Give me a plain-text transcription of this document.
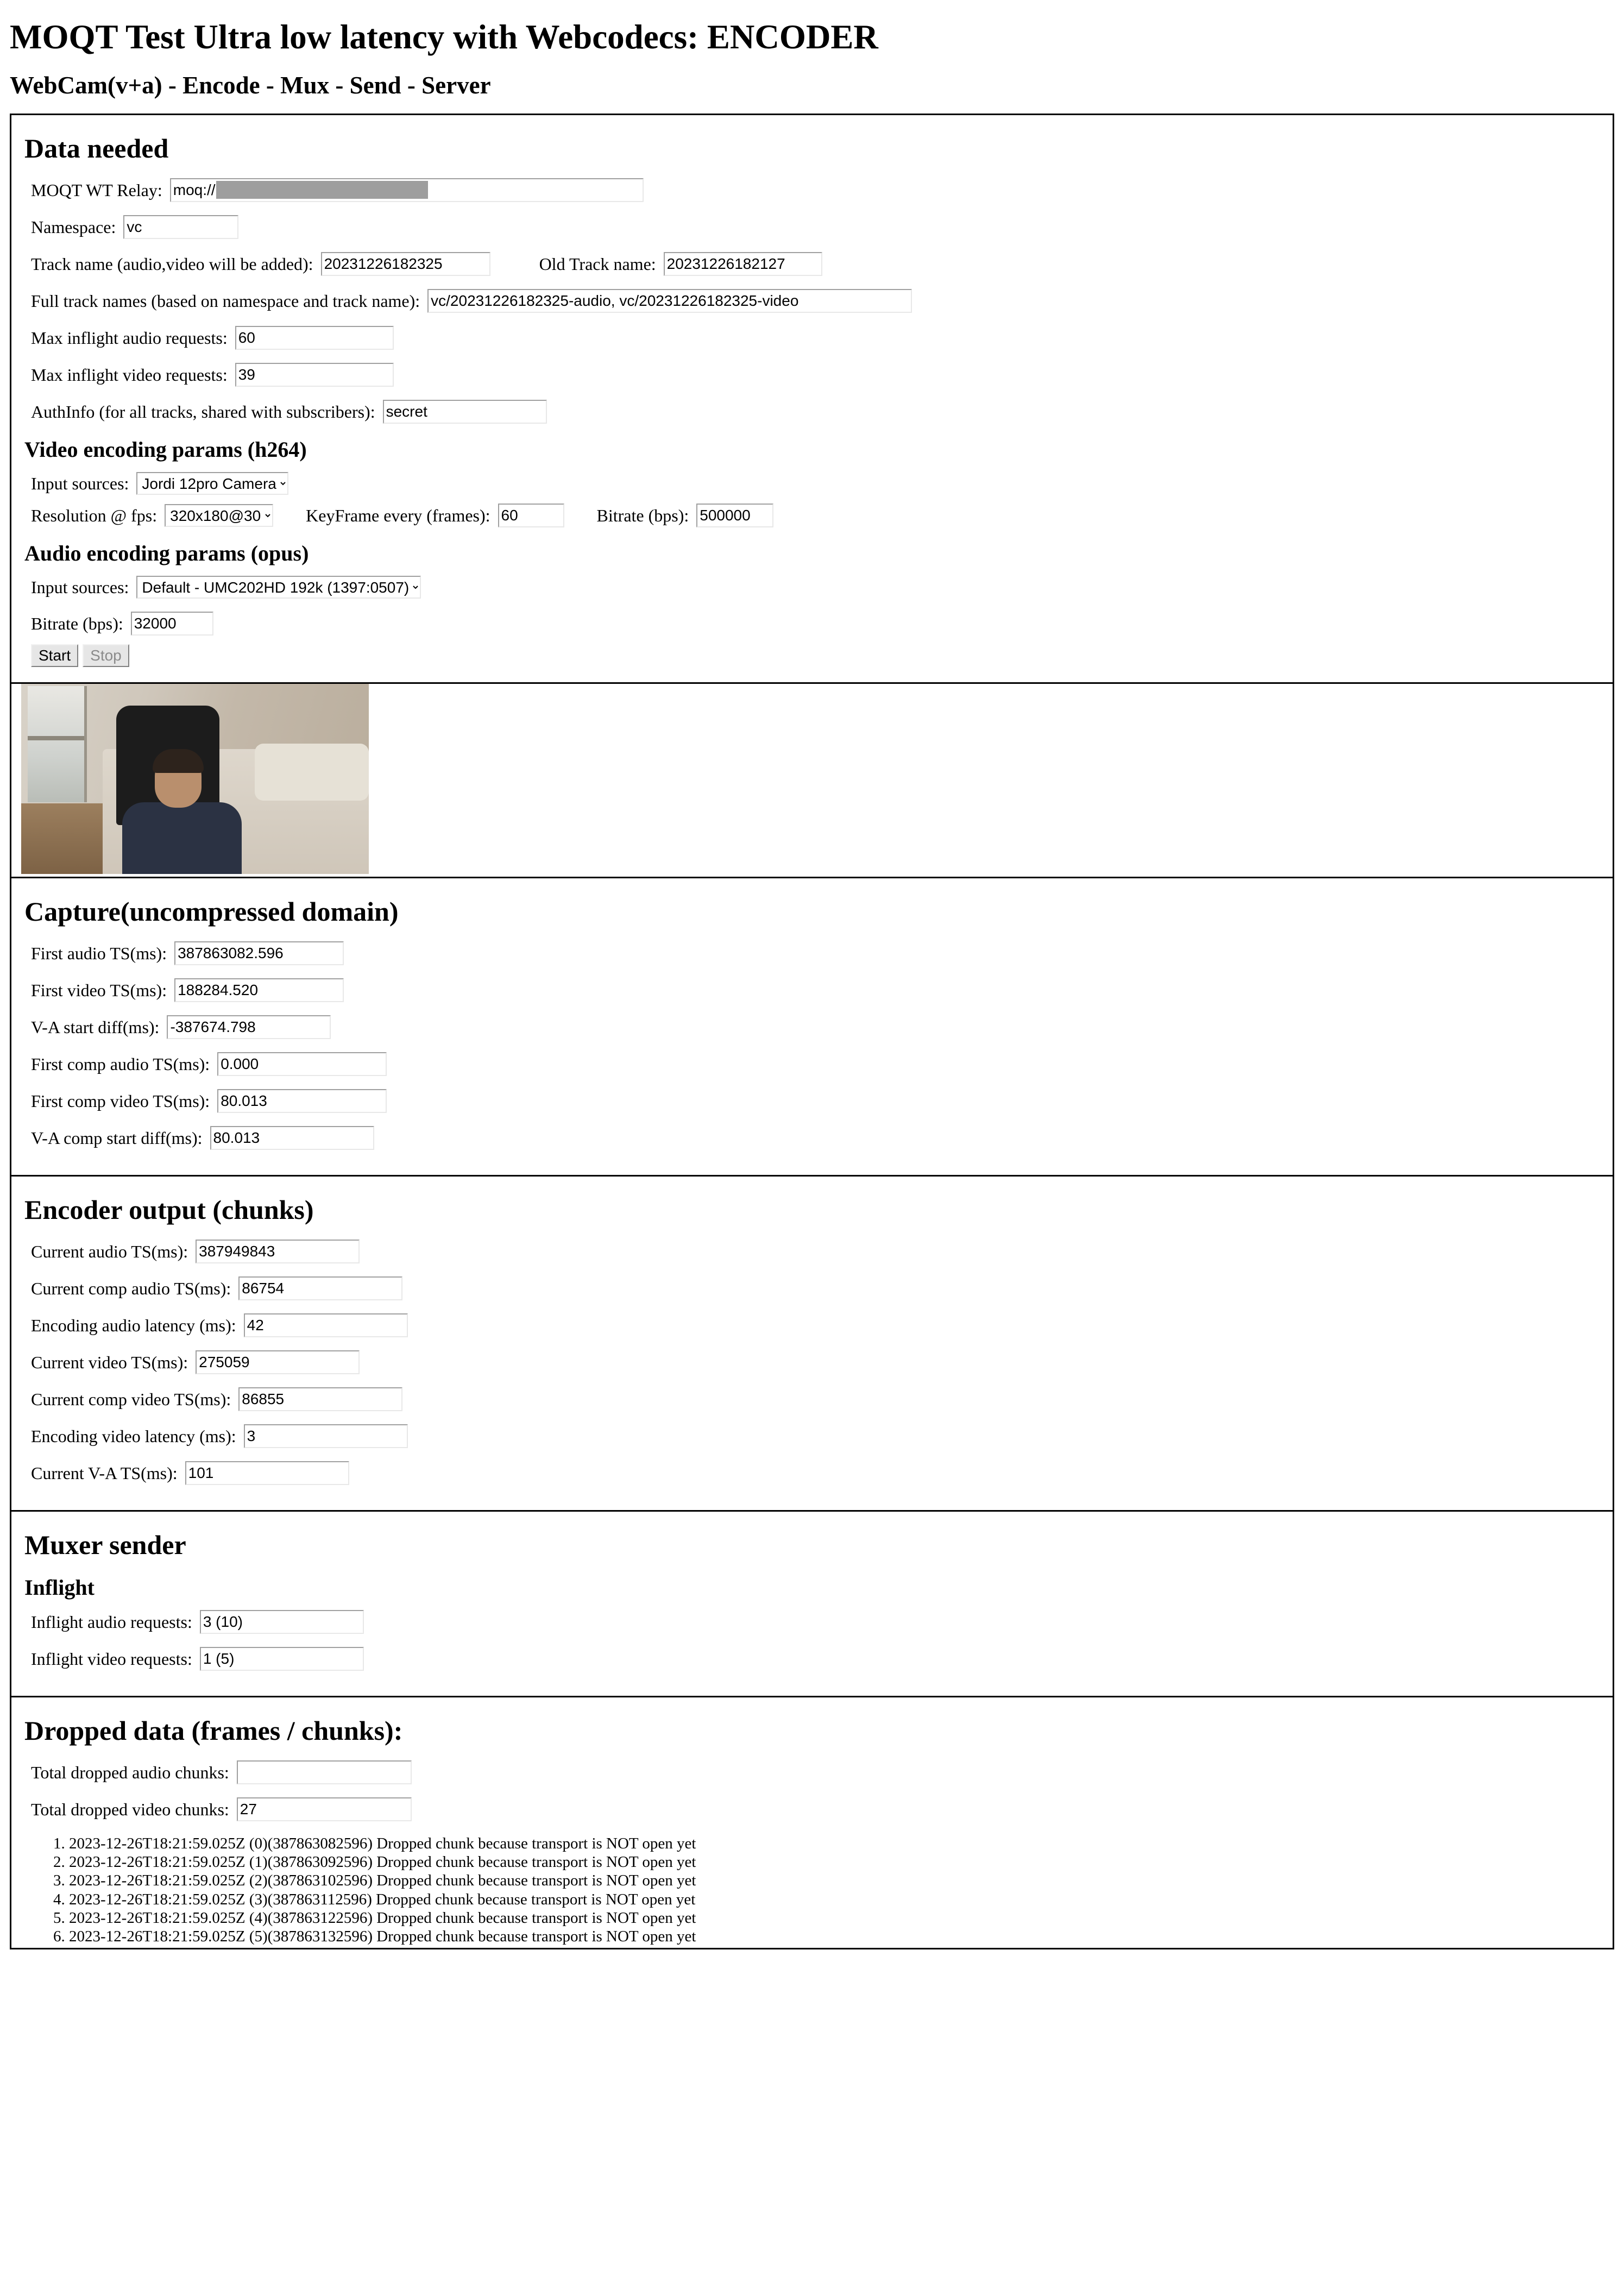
MOQT Test Ultra low latency with Webcodecs: ENCODER
WebCam(v+a) - Encode - Mux - Send - Server
Data needed
MOQT WT Relay:
moq:// :4433/moq
Namespace:
vc
Track name (audio,video will be added):
20231226182325	Old Track name:
20231226182127
Full track names (based on namespace and track name):
vc/20231226182325-audio, vc/20231226182325-video
Max inflight audio requests:
60
Max inflight video requests:
39
AuthInfo (for all tracks, shared with subscribers):
secret
Video encoding params (h264)
Input sources:
Jordi 12pro Camera
Resolution @ fps:
320x180@30	KeyFrame every (frames):
60	Bitrate (bps):
500000
Audio encoding params (opus)
Input sources:
Default - UMC202HD 192k (1397:0507)
Bitrate (bps):
32000
Start Stop
Capture(uncompressed domain)
First audio TS(ms):
387863082.596
First video TS(ms):
188284.520
V-A start diff(ms):
-387674.798
First comp audio TS(ms):
0.000
First comp video TS(ms):
80.013
V-A comp start diff(ms):
80.013
Encoder output (chunks)
Current audio TS(ms):
387949843
Current comp audio TS(ms):
86754
Encoding audio latency (ms):
42
Current video TS(ms):
275059
Current comp video TS(ms):
86855
Encoding video latency (ms):
3
Current V-A TS(ms):
101
Muxer sender
Inflight
Inflight audio requests:
3 (10)
Inflight video requests:
1 (5)
Dropped data (frames / chunks):
Total dropped audio chunks:
Total dropped video chunks:
27
1. 2023-12-26T18:21:59.025Z (0)(387863082596) Dropped chunk because transport is NOT open yet
2. 2023-12-26T18:21:59.025Z (1)(387863092596) Dropped chunk because transport is NOT open yet
3. 2023-12-26T18:21:59.025Z (2)(387863102596) Dropped chunk because transport is NOT open yet
4. 2023-12-26T18:21:59.025Z (3)(387863112596) Dropped chunk because transport is NOT open yet
5. 2023-12-26T18:21:59.025Z (4)(387863122596) Dropped chunk because transport is NOT open yet
6. 2023-12-26T18:21:59.025Z (5)(387863132596) Dropped chunk because transport is NOT open yet
